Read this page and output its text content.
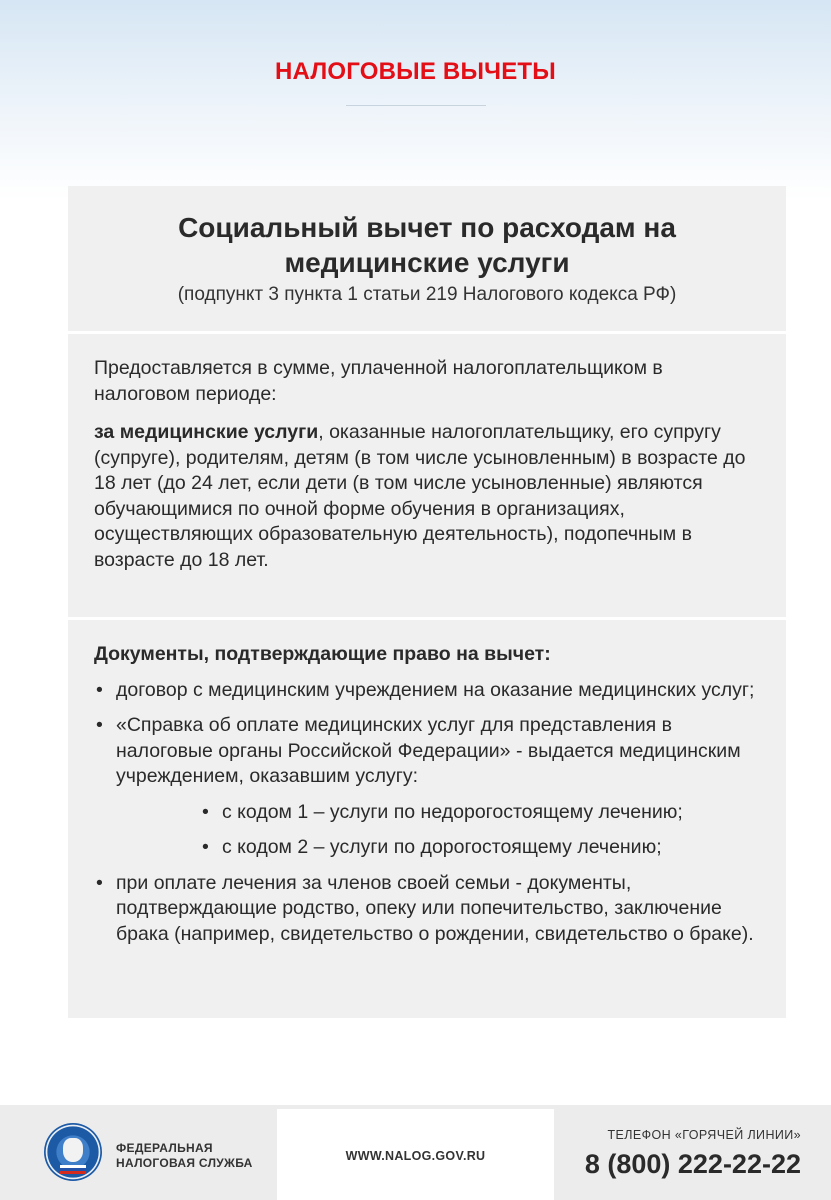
НАЛОГОВЫЕ ВЫЧЕТЫ
Социальный вычет по расходам на
медицинские услуги
(подпункт 3 пункта 1 статьи 219 Налогового кодекса РФ)

Предоставляется в сумме, уплаченной налогоплательщиком в налоговом периоде:

за медицинские услуги, оказанные налогоплательщику, его супругу (супруге), родителям, детям (в том числе усыновленным) в возрасте до 18 лет (до 24 лет, если дети (в том числе усыновленные) являются обучающимися по очной форме обучения в организациях, осуществляющих образовательную деятельность), подопечным в возрасте до 18 лет.

Документы, подтверждающие право на вычет:
• договор с медицинским учреждением на оказание медицинских услуг;
• «Справка об оплате медицинских услуг для представления в налоговые органы Российской Федерации» - выдается медицинским учреждением, оказавшим услугу:
• с кодом 1 – услуги по недорогостоящему лечению;
• с кодом 2 – услуги по дорогостоящему лечению;
• при оплате лечения за членов своей семьи - документы, подтверждающие родство, опеку или попечительство, заключение брака (например, свидетельство о рождении, свидетельство о браке).
ФЕДЕРАЛЬНАЯ
НАЛОГОВАЯ СЛУЖБА	WWW.NALOG.GOV.RU
ТЕЛЕФОН «ГОРЯЧЕЙ ЛИНИИ»
8 (800) 222-22-22
